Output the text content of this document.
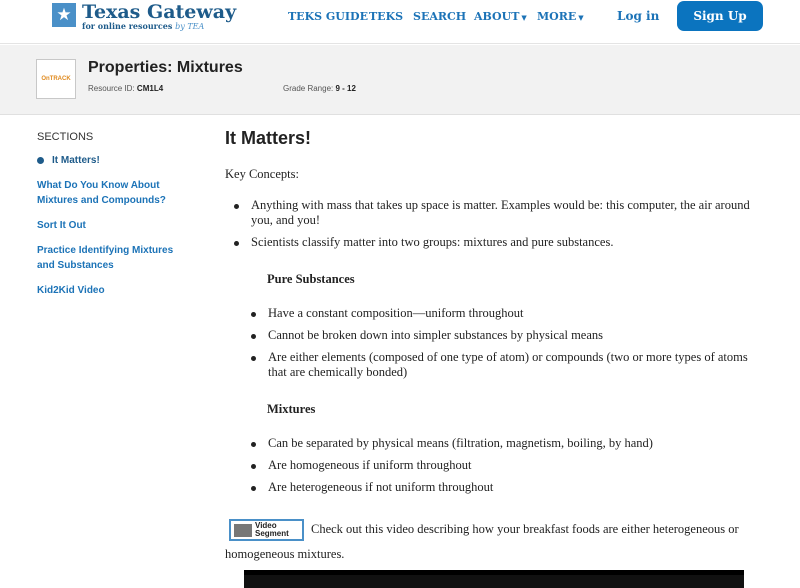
★ Texas Gateway
for online resources by TEA
TEKS GUIDE TEKS SEARCH ABOUT ▼ MORE ▼	Log in	Sign Up
OnTRACK
Properties: Mixtures
Resource ID: CM1L4	Grade Range: 9 - 12
SECTIONS
It Matters!
What Do You Know About Mixtures and Compounds?
Sort It Out
Practice Identifying Mixtures and Substances
Kid2Kid Video
It Matters!

Key Concepts:

Anything with mass that takes up space is matter. Examples would be: this computer, the air around you, and you!
Scientists classify matter into two groups: mixtures and pure substances.
Pure Substances
Have a constant composition—uniform throughout
Cannot be broken down into simpler substances by physical means
Are either elements (composed of one type of atom) or compounds (two or more types of atoms that are chemically bonded)
Mixtures
Can be separated by physical means (filtration, magnetism, boiling, by hand)
Are homogeneous if uniform throughout
Are heterogeneous if not uniform throughout

Video
Segment Check out this video describing how your breakfast foods are either heterogeneous or homogeneous mixtures.
